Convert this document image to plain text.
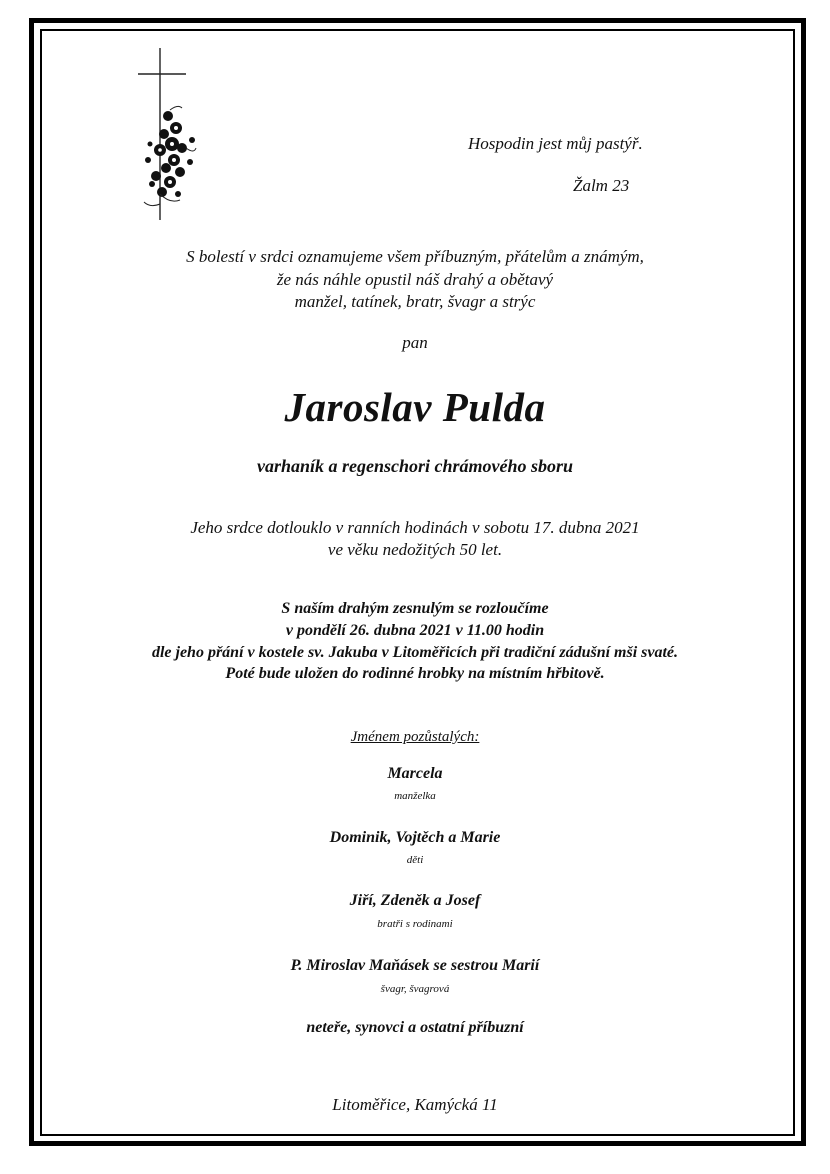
Hospodin jest můj pastýř.

Žalm 23

S bolestí v srdci oznamujeme všem příbuzným, přátelům a známým,

že nás náhle opustil náš drahý a obětavý

manžel, tatínek, bratr, švagr a strýc

pan

Jaroslav Pulda

varhaník a regenschori chrámového sboru

Jeho srdce dotlouklo v ranních hodinách v sobotu 17. dubna 2021

ve věku nedožitých 50 let.

S naším drahým zesnulým se rozloučíme

v pondělí 26. dubna 2021 v 11.00 hodin

dle jeho přání v kostele sv. Jakuba v Litoměřicích při tradiční zádušní mši svaté.

Poté bude uložen do rodinné hrobky na místním hřbitově.

Jménem pozůstalých:

Marcela

manželka

Dominik, Vojtěch a Marie

děti

Jiří, Zdeněk a Josef

bratři s rodinami

P. Miroslav Maňásek se sestrou Marií

švagr, švagrová

neteře, synovci a ostatní příbuzní

Litoměřice, Kamýcká 11
